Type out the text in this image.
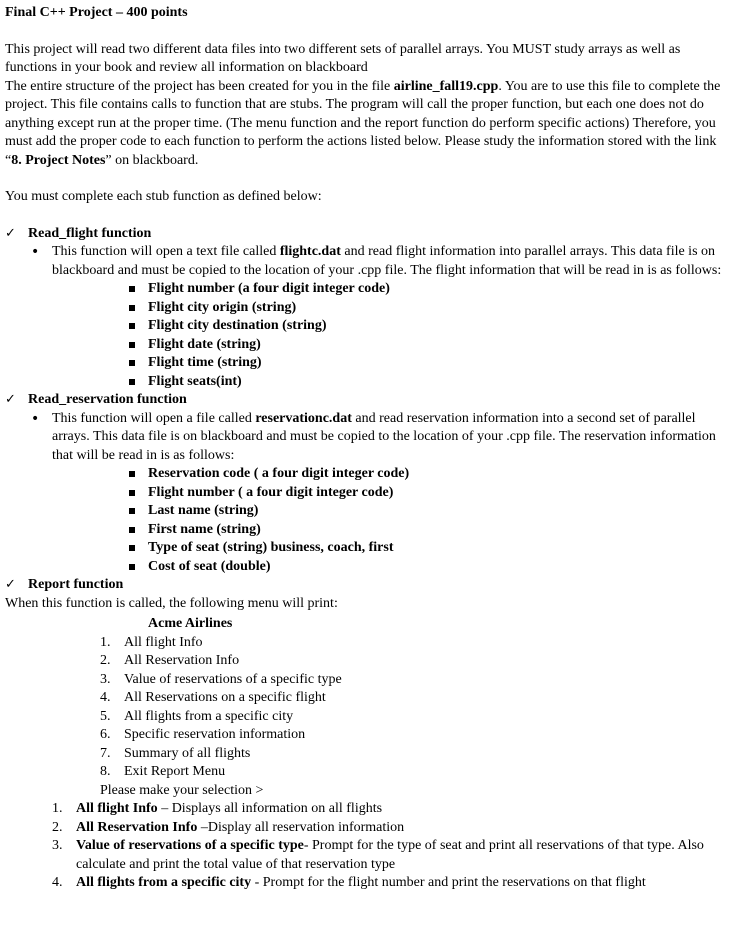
Final C++ Project – 400 points

This project will read two different data files into two different sets of parallel arrays. You MUST study arrays as well as functions in your book and review all information on blackboard

The entire structure of the project has been created for you in the file airline_fall19.cpp. You are to use this file to complete the project. This file contains calls to function that are stubs. The program will call the proper function, but each one does not do anything except run at the proper time. (The menu function and the report function do perform specific actions) Therefore, you must add the proper code to each function to perform the actions listed below. Please study the information stored with the link “8. Project Notes” on blackboard.

You must complete each stub function as defined below:

✓ Read_flight function
• This function will open a text file called flightc.dat and read flight information into parallel arrays. This data file is on blackboard and must be copied to the location of your .cpp file. The flight information that will be read in is as follows:
Flight number (a four digit integer code)
Flight city origin (string)
Flight city destination (string)
Flight date (string)
Flight time (string)
Flight seats(int)
✓ Read_reservation function
• This function will open a file called reservationc.dat and read reservation information into a second set of parallel arrays. This data file is on blackboard and must be copied to the location of your .cpp file. The reservation information that will be read in is as follows:
Reservation code ( a four digit integer code)
Flight number ( a four digit integer code)
Last name (string)
First name (string)
Type of seat (string) business, coach, first
Cost of seat (double)
✓ Report function

When this function is called, the following menu will print:

Acme Airlines
1. All flight Info
2. All Reservation Info
3. Value of reservations of a specific type
4. All Reservations on a specific flight
5. All flights from a specific city
6. Specific reservation information
7. Summary of all flights
8. Exit Report Menu
Please make your selection >
1. All flight Info – Displays all information on all flights
2. All Reservation Info –Display all reservation information
3. Value of reservations of a specific type- Prompt for the type of seat and print all reservations of that type. Also calculate and print the total value of that reservation type
4. All flights from a specific city - Prompt for the flight number and print the reservations on that flight
